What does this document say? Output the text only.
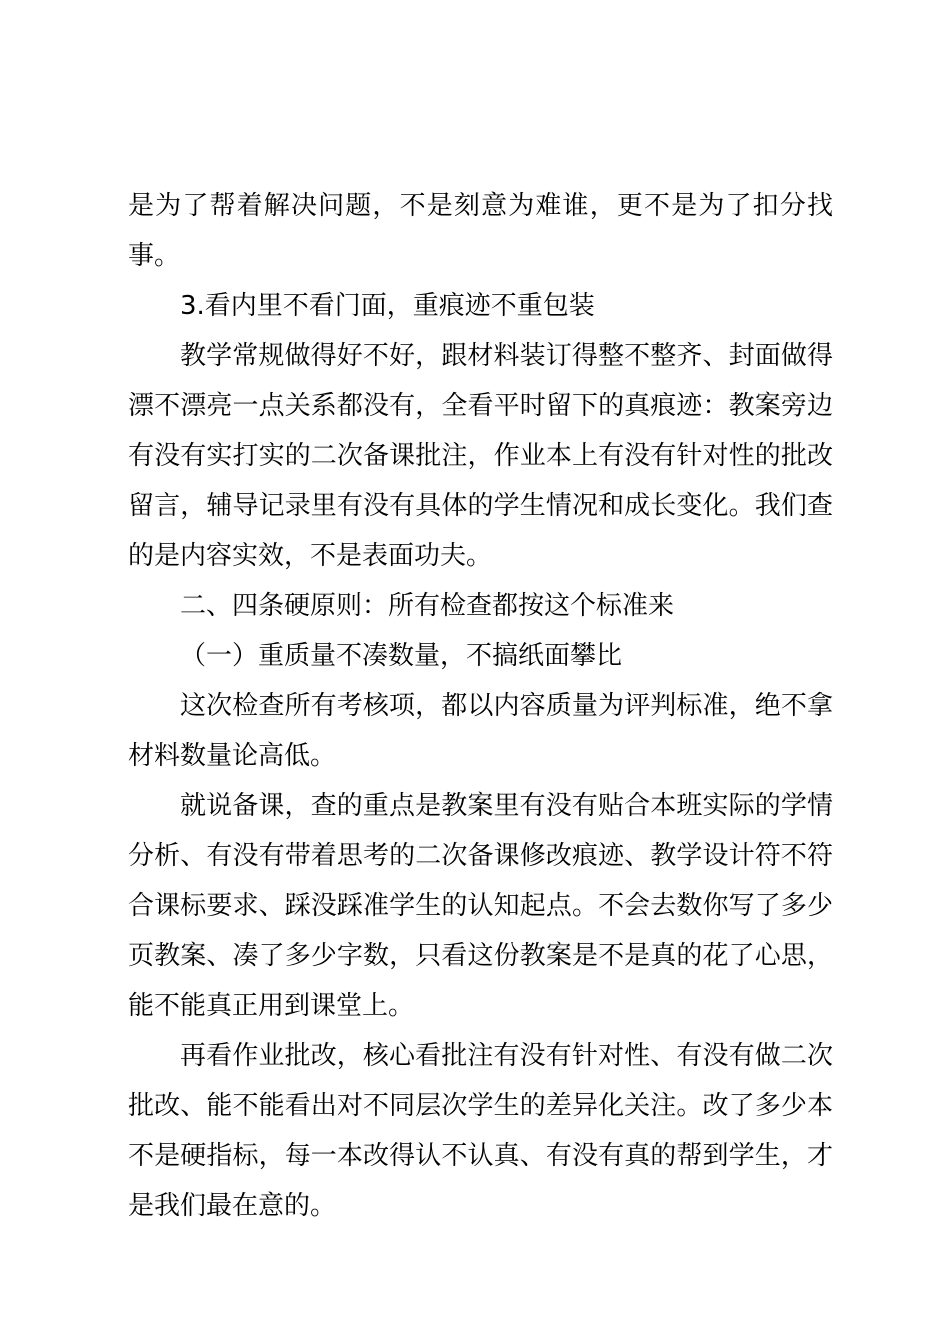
是为了帮着解决问题，不是刻意为难谁，更不是为了扣分找事。

3.看内里不看门面，重痕迹不重包装

教学常规做得好不好，跟材料装订得整不整齐、封面做得漂不漂亮一点关系都没有，全看平时留下的真痕迹：教案旁边有没有实打实的二次备课批注，作业本上有没有针对性的批改留言，辅导记录里有没有具体的学生情况和成长变化。我们查的是内容实效，不是表面功夫。

二、四条硬原则：所有检查都按这个标准来

（一）重质量不凑数量，不搞纸面攀比

这次检查所有考核项，都以内容质量为评判标准，绝不拿材料数量论高低。

就说备课，查的重点是教案里有没有贴合本班实际的学情分析、有没有带着思考的二次备课修改痕迹、教学设计符不符合课标要求、踩没踩准学生的认知起点。不会去数你写了多少页教案、凑了多少字数，只看这份教案是不是真的花了心思，能不能真正用到课堂上。

再看作业批改，核心看批注有没有针对性、有没有做二次批改、能不能看出对不同层次学生的差异化关注。改了多少本不是硬指标，每一本改得认不认真、有没有真的帮到学生，才是我们最在意的。
